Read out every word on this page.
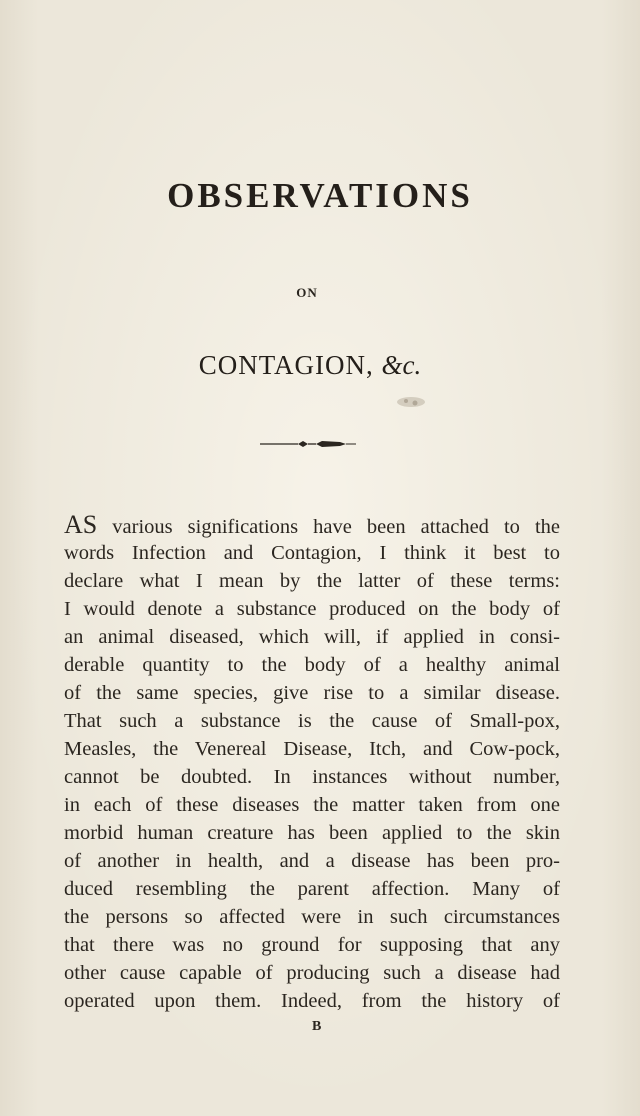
OBSERVATIONS
ON
CONTAGION, &c.
AS various significations have been attached to the
words Infection and Contagion, I think it best to
declare what I mean by the latter of these terms:
I would denote a substance produced on the body of
an animal diseased, which will, if applied in consi-
derable quantity to the body of a healthy animal
of the same species, give rise to a similar disease.
That such a substance is the cause of Small-pox,
Measles, the Venereal Disease, Itch, and Cow-pock,
cannot be doubted. In instances without number,
in each of these diseases the matter taken from one
morbid human creature has been applied to the skin
of another in health, and a disease has been pro-
duced resembling the parent affection. Many of
the persons so affected were in such circumstances
that there was no ground for supposing that any
other cause capable of producing such a disease had
operated upon them. Indeed, from the history of
B
